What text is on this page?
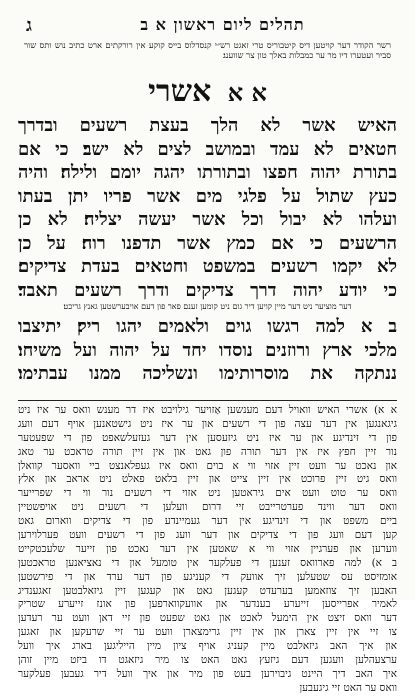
תהלים ליום ראשון א ב
ג
רשר הקודר דער קויטען דיס קיטבוריס טרי זאגט רש״י קנסדלוס בייס קוקע אין רורקתים ארט כתיב נוש ותס שור סביר ועטערו דיו מר ער כמבלות באלך טון צר שווענג׃
א א אשרי
האיש אשר לא הלך בעצת רשעים ובדרך
חטאים לא עמד ובמושב לצים לא ישב׃ כי אם
בתורת יהוה חפצו ובתורתו יהגה יומם ולילה׃ והיה
כעץ שתול על פלגי מים אשר פריו יתן בעתו
ועלהו לא יבול וכל אשר יעשה יצליח׃ לא כן
הרשעים כי אם כמץ אשר תדפנו רוח׃ על כן
לא יקמו רשעים במשפט וחטאים בעדת צדיקים׃
כי יודע יהוה דרך צדיקים ודרך רשעים תאבד׃
דער מוציער ניט דער מיין קויען דיר גום ניט קומען זענם פאר פון דעם אויבערשטען גאנץ גריכט׃
ב א למה רגשו גוים ולאמים יהגו ריק׃ יתיצבו
מלכי ארץ ורוזנים נוסדו יחד על יהוה ועל משיחו׃
ננתקה את מוסרותימו ונשליכה ממנו עבתימו׃
א א) אשרי האיש וואויל דעם מענשען אַזויער גילויבט איז דר מענש וואס ער איז ניט
גיגאנגען אין דער עצה פון די רשעים און ער איז ניט גישטאנען אויף דעם וועג
פון די זינדיגע און ער איז ניט גיזעסען אין דער געזעלשאפט פון די שפעטער
נור זיין חפץ איז אין דער תורה פון גאט און אין זיין תורה טראכט ער טאג
און נאכט ער וועט זיין אזוי ווי א בוים וואס איז געפלאנצט ביי וואסער קוואלן
וואס גיט זיין פרוכט אין זיין צייט און זיין בלאט פאלט ניט אראב און אלץ
וואס ער טוט וועט אים גיראטען ניט אזוי די רשעים נור ווי די שפרייער
וואס דער ווינד פערטרייבט זיי דרום וועלען די רשעים ניט אויפשטיין
ביים משפט און די זינדיגע אין דער געמיינדע פון די צדיקים ווארום גאט
קען דעם וועג פון די צדיקים און דער וועג פון די רשעים וועט פערלוירען
ווערען און פערגיין אזוי ווי א שאטען אין דער נאכט פון זייער שלעכטקייט
ב א) למה פארוואס זענען די פעלקער אין טומעל און די נאציאנען טראכטען
אומזיסט עס שטעלען זיך אוועק די קעניגע פון דער ערד און די פירשטען
האבען זיך צוזאמען בערעדט קעגען גאט און קעגען זיין גיזאלבטען זאגענדיג
לאמיר אפרייסען זייערע בענדער און אוועקווארפען פון אונז זייערע שטריק
דער וואס זיצט אין הימעל לאכט און גאט שפעט פון זיי דאן וועט ער רעדען
צו זיי אין זיין צארן און אין זיין גרימצארן וועט ער זיי שרעקען און זאגען
און איך האב גיזאלבט מיין קעניג אויף ציון מיין הייליגען בארג איך וועל
ערצעהלען וועגען דעם גיזעץ גאט האט צו מיר גיזאגט דו ביזט מיין זוהן
איך האב דיך היינט גיבוירען בעט פון מיר און איך וועל דיר געבען פעלקער
וואס ער האט זיי גיגעבען
